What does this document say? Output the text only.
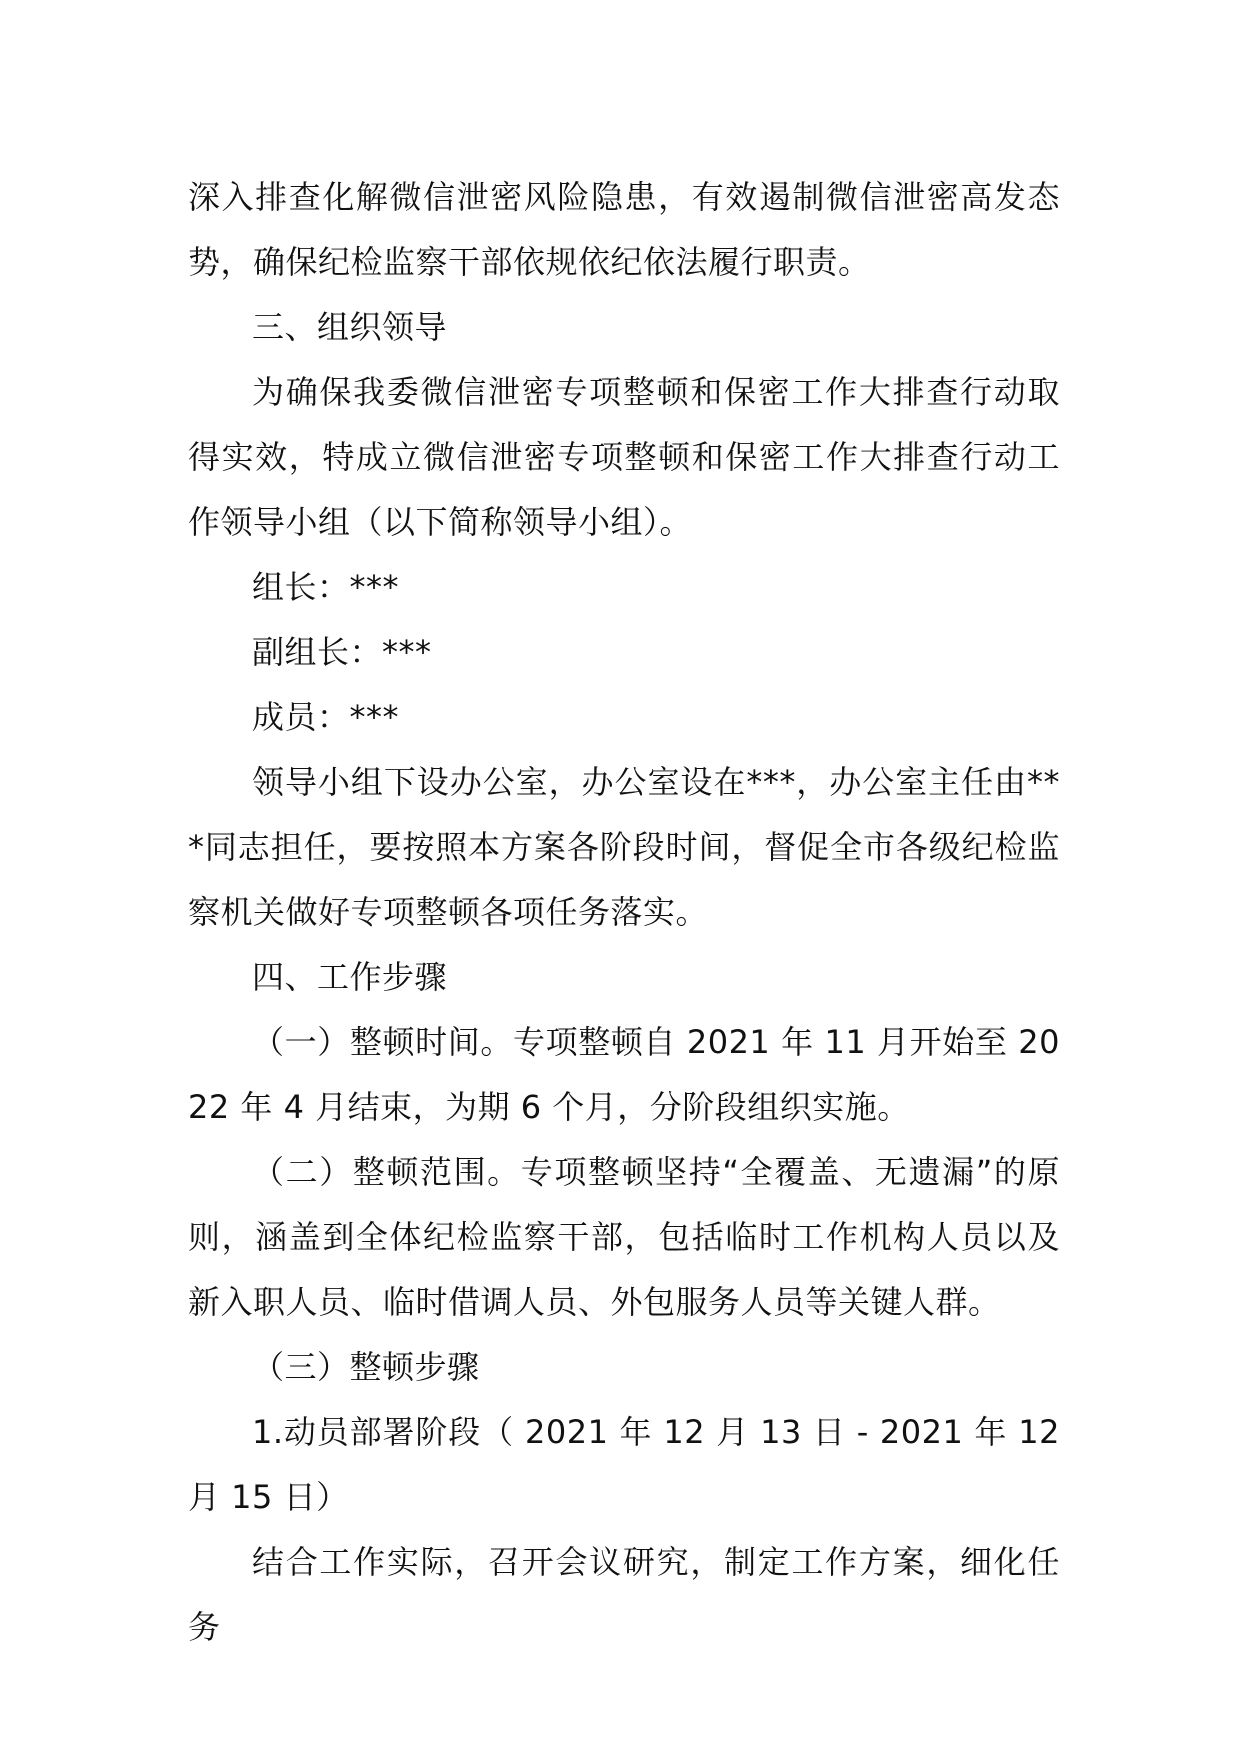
深入排查化解微信泄密风险隐患，有效遏制微信泄密高发态势，确保纪检监察干部依规依纪依法履行职责。

三、组织领导

为确保我委微信泄密专项整顿和保密工作大排查行动取得实效，特成立微信泄密专项整顿和保密工作大排查行动工作领导小组（以下简称领导小组）。

组长：***

副组长：***

成员：***

领导小组下设办公室，办公室设在***，办公室主任由***同志担任，要按照本方案各阶段时间，督促全市各级纪检监察机关做好专项整顿各项任务落实。

四、工作步骤

（一）整顿时间。专项整顿自 2021 年 11 月开始至 2022 年 4 月结束，为期 6 个月，分阶段组织实施。

（二）整顿范围。专项整顿坚持“全覆盖、无遗漏”的原则，涵盖到全体纪检监察干部，包括临时工作机构人员以及新入职人员、临时借调人员、外包服务人员等关键人群。

（三）整顿步骤

1.动员部署阶段（ 2021 年 12 月 13 日 - 2021 年 12 月 15 日）

结合工作实际，召开会议研究，制定工作方案，细化任务
